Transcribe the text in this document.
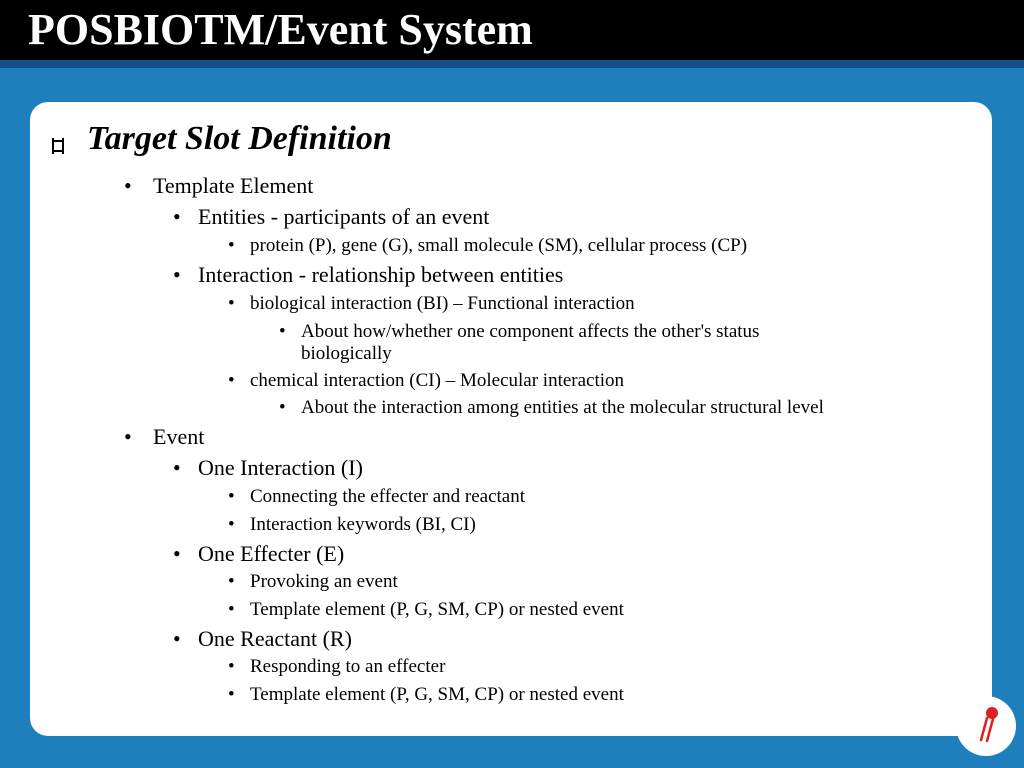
POSBIOTM/Event System
Target Slot Definition
• Template Element
• Entities - participants of an event
• protein (P), gene (G), small molecule (SM), cellular process (CP)
• Interaction - relationship between entities
• biological interaction (BI) – Functional interaction
• About how/whether one component affects the other's status
biologically
• chemical interaction (CI) – Molecular interaction
• About the interaction among entities at the molecular structural level
• Event
• One Interaction (I)
• Connecting the effecter and reactant
• Interaction keywords (BI, CI)
• One Effecter (E)
• Provoking an event
• Template element (P, G, SM, CP) or nested event
• One Reactant (R)
• Responding to an effecter
• Template element (P, G, SM, CP) or nested event
